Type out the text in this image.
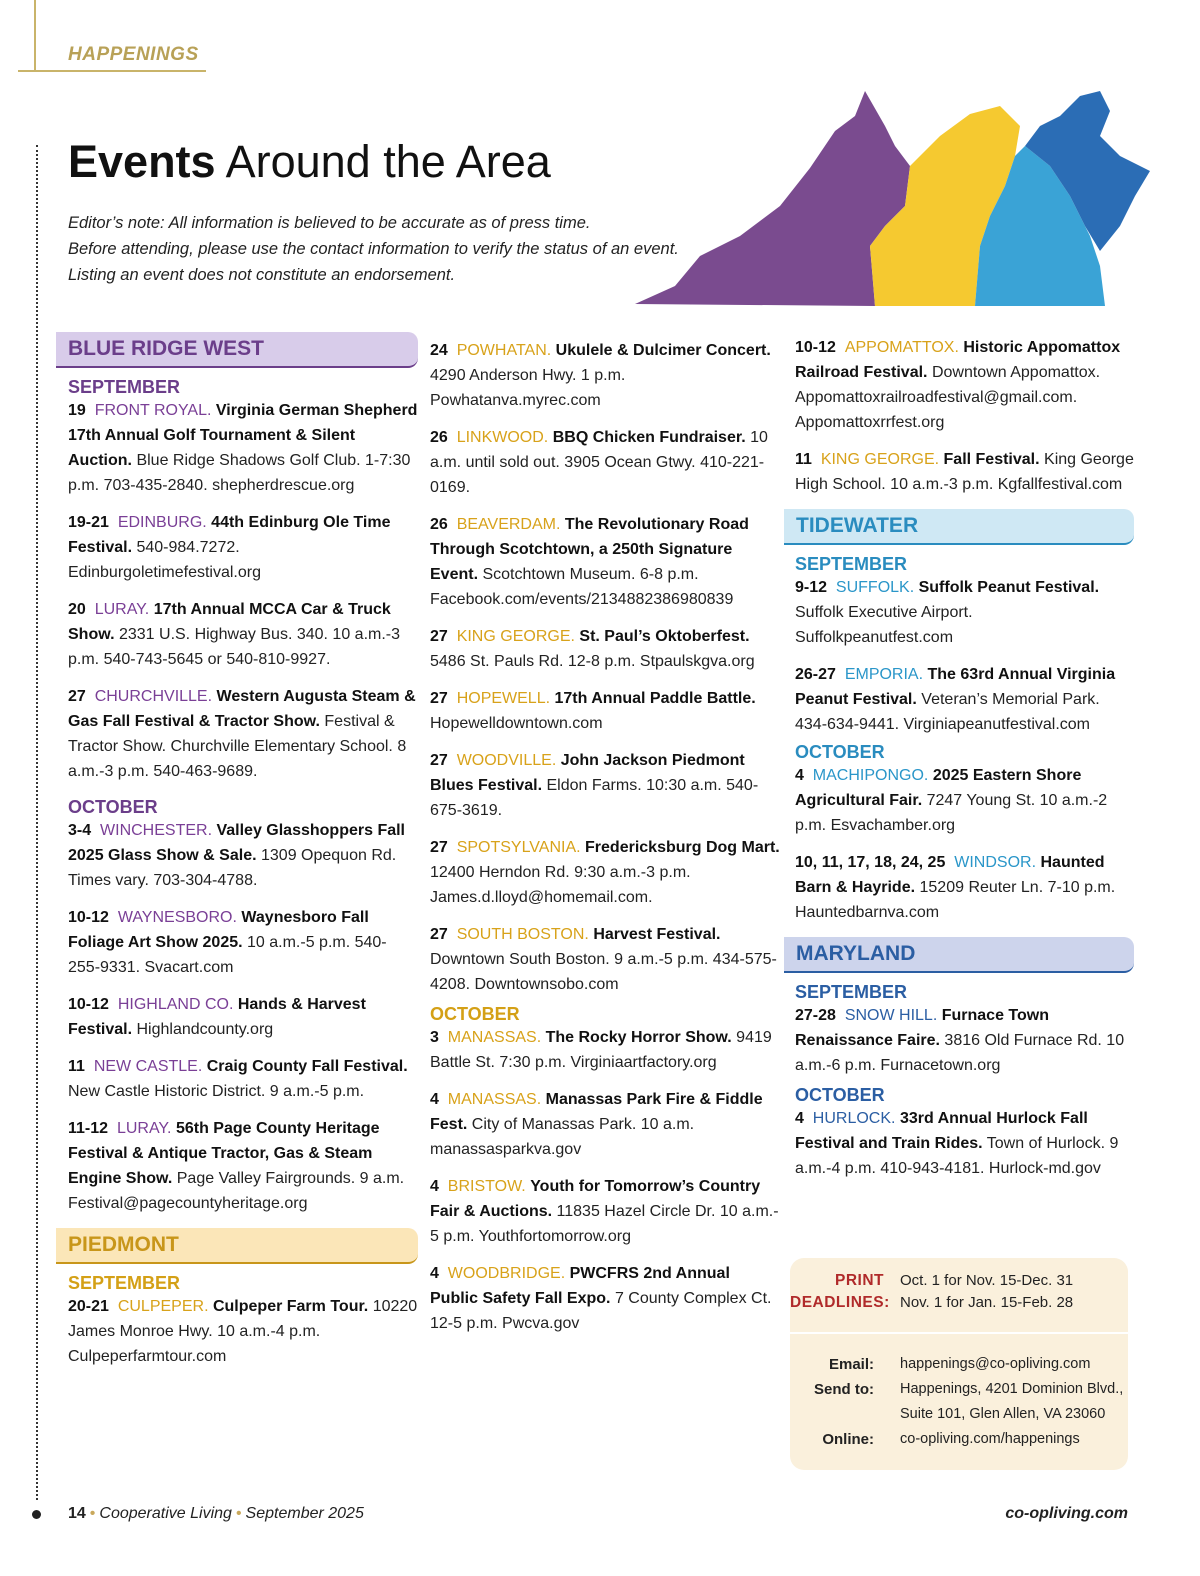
HAPPENINGS
Events Around the Area
Editor’s note: All information is believed to be accurate as of press time.
Before attending, please use the contact information to verify the status of an event.
Listing an event does not constitute an endorsement.
BLUE RIDGE WEST
SEPTEMBER
19 FRONT ROYAL. Virginia German Shepherd 17th Annual Golf Tournament & Silent Auction. Blue Ridge Shadows Golf Club. 1-7:30 p.m. 703-435-2840. shepherdrescue.org
19-21 EDINBURG. 44th Edinburg Ole Time Festival. 540-984.7272. Edinburgoletimefestival.org
20 LURAY. 17th Annual MCCA Car & Truck Show. 2331 U.S. Highway Bus. 340. 10 a.m.-3 p.m. 540-743-5645 or 540-810-9927.
27 CHURCHVILLE. Western Augusta Steam & Gas Fall Festival & Tractor Show. Festival & Tractor Show. Churchville Elementary School. 8 a.m.-3 p.m. 540-463-9689.
OCTOBER
3-4 WINCHESTER. Valley Glasshoppers Fall 2025 Glass Show & Sale. 1309 Opequon Rd. Times vary. 703-304-4788.
10-12 WAYNESBORO. Waynesboro Fall Foliage Art Show 2025. 10 a.m.-5 p.m. 540-255-9331. Svacart.com
10-12 HIGHLAND CO. Hands & Harvest Festival. Highlandcounty.org
11 NEW CASTLE. Craig County Fall Festival. New Castle Historic District. 9 a.m.-5 p.m.
11-12 LURAY. 56th Page County Heritage Festival & Antique Tractor, Gas & Steam Engine Show. Page Valley Fairgrounds. 9 a.m. Festival@pagecountyheritage.org
PIEDMONT
SEPTEMBER
20-21 CULPEPER. Culpeper Farm Tour. 10220 James Monroe Hwy. 10 a.m.-4 p.m. Culpeperfarmtour.com
24 POWHATAN. Ukulele & Dulcimer Concert. 4290 Anderson Hwy. 1 p.m. Powhatanva.myrec.com
26 LINKWOOD. BBQ Chicken Fundraiser. 10 a.m. until sold out. 3905 Ocean Gtwy. 410-221-0169.
26 BEAVERDAM. The Revolutionary Road Through Scotchtown, a 250th Signature Event. Scotchtown Museum. 6-8 p.m. Facebook.com/events/2134882386980839
27 KING GEORGE. St. Paul’s Oktoberfest. 5486 St. Pauls Rd. 12-8 p.m. Stpaulskgva.org
27 HOPEWELL. 17th Annual Paddle Battle. Hopewelldowntown.com
27 WOODVILLE. John Jackson Piedmont Blues Festival. Eldon Farms. 10:30 a.m. 540-675-3619.
27 SPOTSYLVANIA. Fredericksburg Dog Mart. 12400 Herndon Rd. 9:30 a.m.-3 p.m. James.d.lloyd@homemail.com.
27 SOUTH BOSTON. Harvest Festival. Downtown South Boston. 9 a.m.-5 p.m. 434-575-4208. Downtownsobo.com
OCTOBER
3 MANASSAS. The Rocky Horror Show. 9419 Battle St. 7:30 p.m. Virginiaartfactory.org
4 MANASSAS. Manassas Park Fire & Fiddle Fest. City of Manassas Park. 10 a.m. manassasparkva.gov
4 BRISTOW. Youth for Tomorrow’s Country Fair & Auctions. 11835 Hazel Circle Dr. 10 a.m.- 5 p.m. Youthfortomorrow.org
4 WOODBRIDGE. PWCFRS 2nd Annual Public Safety Fall Expo. 7 County Complex Ct. 12-5 p.m. Pwcva.gov
10-12 APPOMATTOX. Historic Appomattox Railroad Festival. Downtown Appomattox. Appomattoxrailroadfestival@gmail.com. Appomattoxrrfest.org
11 KING GEORGE. Fall Festival. King George High School. 10 a.m.-3 p.m. Kgfallfestival.com
TIDEWATER
SEPTEMBER
9-12 SUFFOLK. Suffolk Peanut Festival. Suffolk Executive Airport. Suffolkpeanutfest.com
26-27 EMPORIA. The 63rd Annual Virginia Peanut Festival. Veteran’s Memorial Park. 434-634-9441. Virginiapeanutfestival.com
OCTOBER
4 MACHIPONGO. 2025 Eastern Shore Agricultural Fair. 7247 Young St. 10 a.m.-2 p.m. Esvachamber.org
10, 11, 17, 18, 24, 25 WINDSOR. Haunted Barn & Hayride. 15209 Reuter Ln. 7-10 p.m. Hauntedbarnva.com
MARYLAND
SEPTEMBER
27-28 SNOW HILL. Furnace Town Renaissance Faire. 3816 Old Furnace Rd. 10 a.m.-6 p.m. Furnacetown.org
OCTOBER
4 HURLOCK. 33rd Annual Hurlock Fall Festival and Train Rides. Town of Hurlock. 9 a.m.-4 p.m. 410-943-4181. Hurlock-md.gov
PRINT
DEADLINES:
Oct. 1 for Nov. 15-Dec. 31
Nov. 1 for Jan. 15-Feb. 28
Email:
Send to:

Online:
happenings@co-opliving.com
Happenings, 4201 Dominion Blvd.,
Suite 101, Glen Allen, VA 23060
co-opliving.com/happenings
14 • Cooperative Living • September 2025	co-opliving.com
